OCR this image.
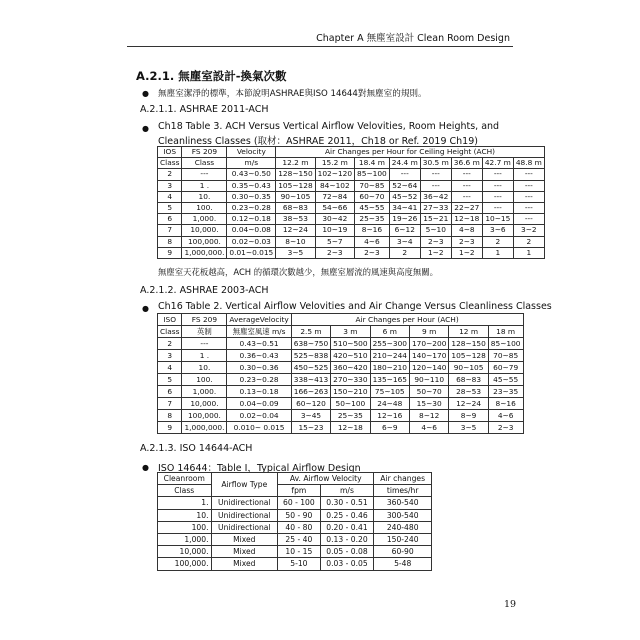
Chapter A 無塵室設計 Clean Room Design
A.2.1. 無塵室設計-換氣次數
● 無塵室潔淨的標準，本節說明ASHRAE與ISO 14644對無塵室的規則。
A.2.1.1. ASHRAE 2011-ACH
● Ch18 Table 3. ACH Versus Vertical Airflow Velovities, Room Heights, and
Cleanliness Classes (取材：ASHRAE 2011，Ch18 or Ref. 2019 Ch19)
IOS	FS 209	Velocity	Air Changes per Hour for Ceiling Height (ACH)							
Class	Class	m/s	12.2 m	15.2 m	18.4 m	24.4 m	30.5 m	36.6 m	42.7 m	48.8 m
2	---	0.43~0.50	128~150	102~120	85~100	---	---	---	---	---
3	1 .	0.35~0.43	105~128	84~102	70~85	52~64	---	---	---	---
4	10.	0.30~0.35	90~105	72~84	60~70	45~52	36~42	---	---	---
5	100.	0.23~0.28	68~83	54~66	45~55	34~41	27~33	22~27	---	---
6	1,000.	0.12~0.18	38~53	30~42	25~35	19~26	15~21	12~18	10~15	---
7	10,000.	0.04~0.08	12~24	10~19	8~16	6~12	5~10	4~8	3~6	3~2
8	100,000.	0.02~0.03	8~10	5~7	4~6	3~4	2~3	2~3	2	2
9	1,000,000.	0.01~0.015	3~5	2~3	2~3	2	1~2	1~2	1	1
無塵室天花板越高，ACH 的循環次數越少，無塵室層流的風速與高度無關。
A.2.1.2. ASHRAE 2003-ACH
● Ch16 Table 2. Vertical Airflow Velovities and Air Change Versus Cleanliness Classes
ISO	FS 209	AverageVelocity	Air Changes per Hour (ACH)					
Class	英制	無塵室風速 m/s	2.5 m	3 m	6 m	9 m	12 m	18 m
2	---	0.43~0.51	638~750	510~500	255~300	170~200	128~150	85~100
3	1 .	0.36~0.43	525~838	420~510	210~244	140~170	105~128	70~85
4	10.	0.30~0.36	450~525	360~420	180~210	120~140	90~105	60~79
5	100.	0.23~0.28	338~413	270~330	135~165	90~110	68~83	45~55
6	1,000.	0.13~0.18	166~263	150~210	75~105	50~70	28~53	23~35
7	10,000.	0.04~0.09	60~120	50~100	24~48	15~30	12~24	8~16
8	100,000.	0.02~0.04	3~45	25~35	12~16	8~12	8~9	4~6
9	1,000,000.	0.010~ 0.015	15~23	12~18	6~9	4~6	3~5	2~3
A.2.1.3. ISO 14644-ACH
● ISO 14644：Table I，Typical Airflow Design
Cleanroom	Airflow Type	Av. Airflow Velocity		Air changes
Class		fpm	m/s	times/hr
1.	Unidirectional	60 - 100	0.30 - 0.51	360-540
10.	Unidirectional	50 - 90	0.25 - 0.46	300-540
100.	Unidirectional	40 - 80	0.20 - 0.41	240-480
1,000.	Mixed	25 - 40	0.13 - 0.20	150-240
10,000.	Mixed	10 - 15	0.05 - 0.08	60-90
100,000.	Mixed	5-10	0.03 - 0.05	5-48
19
